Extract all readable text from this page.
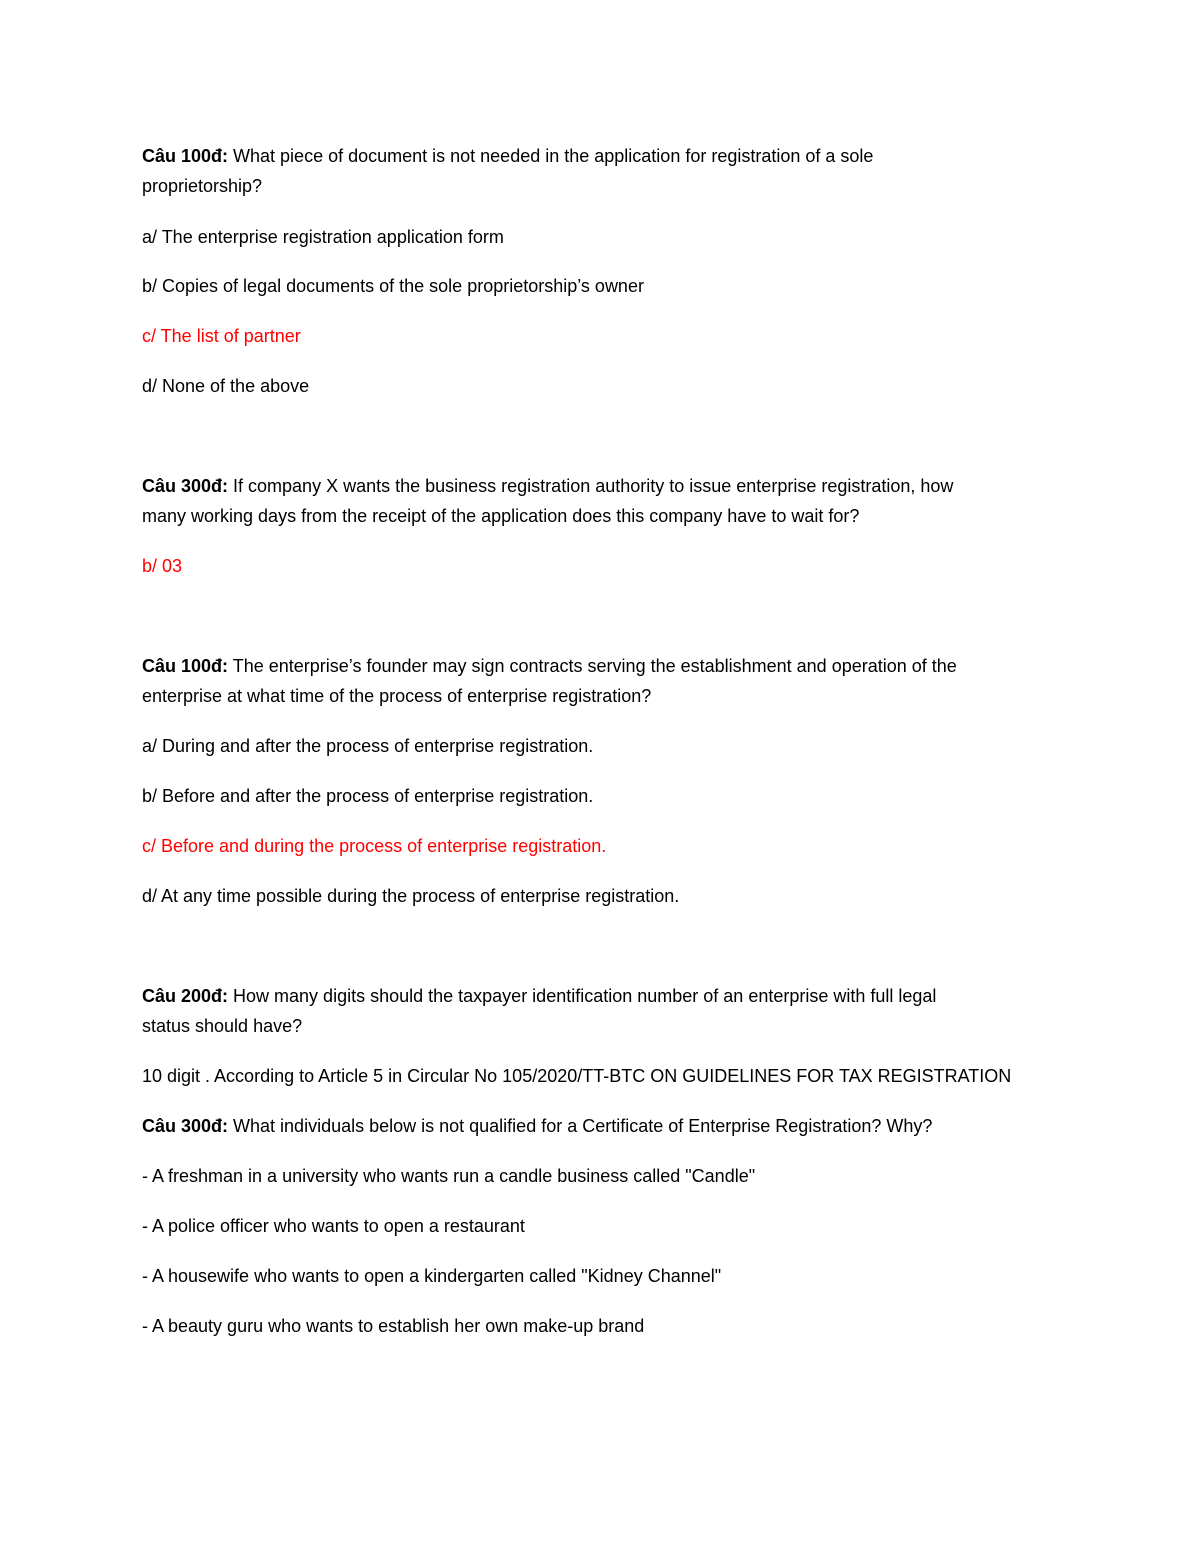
Câu 100đ: What piece of document is not needed in the application for registration of a sole
proprietorship?
a/ The enterprise registration application form
b/ Copies of legal documents of the sole proprietorship’s owner
c/ The list of partner
d/ None of the above
Câu 300đ: If company X wants the business registration authority to issue enterprise registration, how
many working days from the receipt of the application does this company have to wait for?
b/ 03
Câu 100đ: The enterprise’s founder may sign contracts serving the establishment and operation of the
enterprise at what time of the process of enterprise registration?
a/ During and after the process of enterprise registration.
b/ Before and after the process of enterprise registration.
c/ Before and during the process of enterprise registration.
d/ At any time possible during the process of enterprise registration.
Câu 200đ: How many digits should the taxpayer identification number of an enterprise with full legal
status should have?
10 digit . According to Article 5 in Circular No 105/2020/TT-BTC ON GUIDELINES FOR TAX REGISTRATION
Câu 300đ: What individuals below is not qualified for a Certificate of Enterprise Registration? Why?
- A freshman in a university who wants run a candle business called "Candle"
- A police officer who wants to open a restaurant
- A housewife who wants to open a kindergarten called "Kidney Channel"
- A beauty guru who wants to establish her own make-up brand
